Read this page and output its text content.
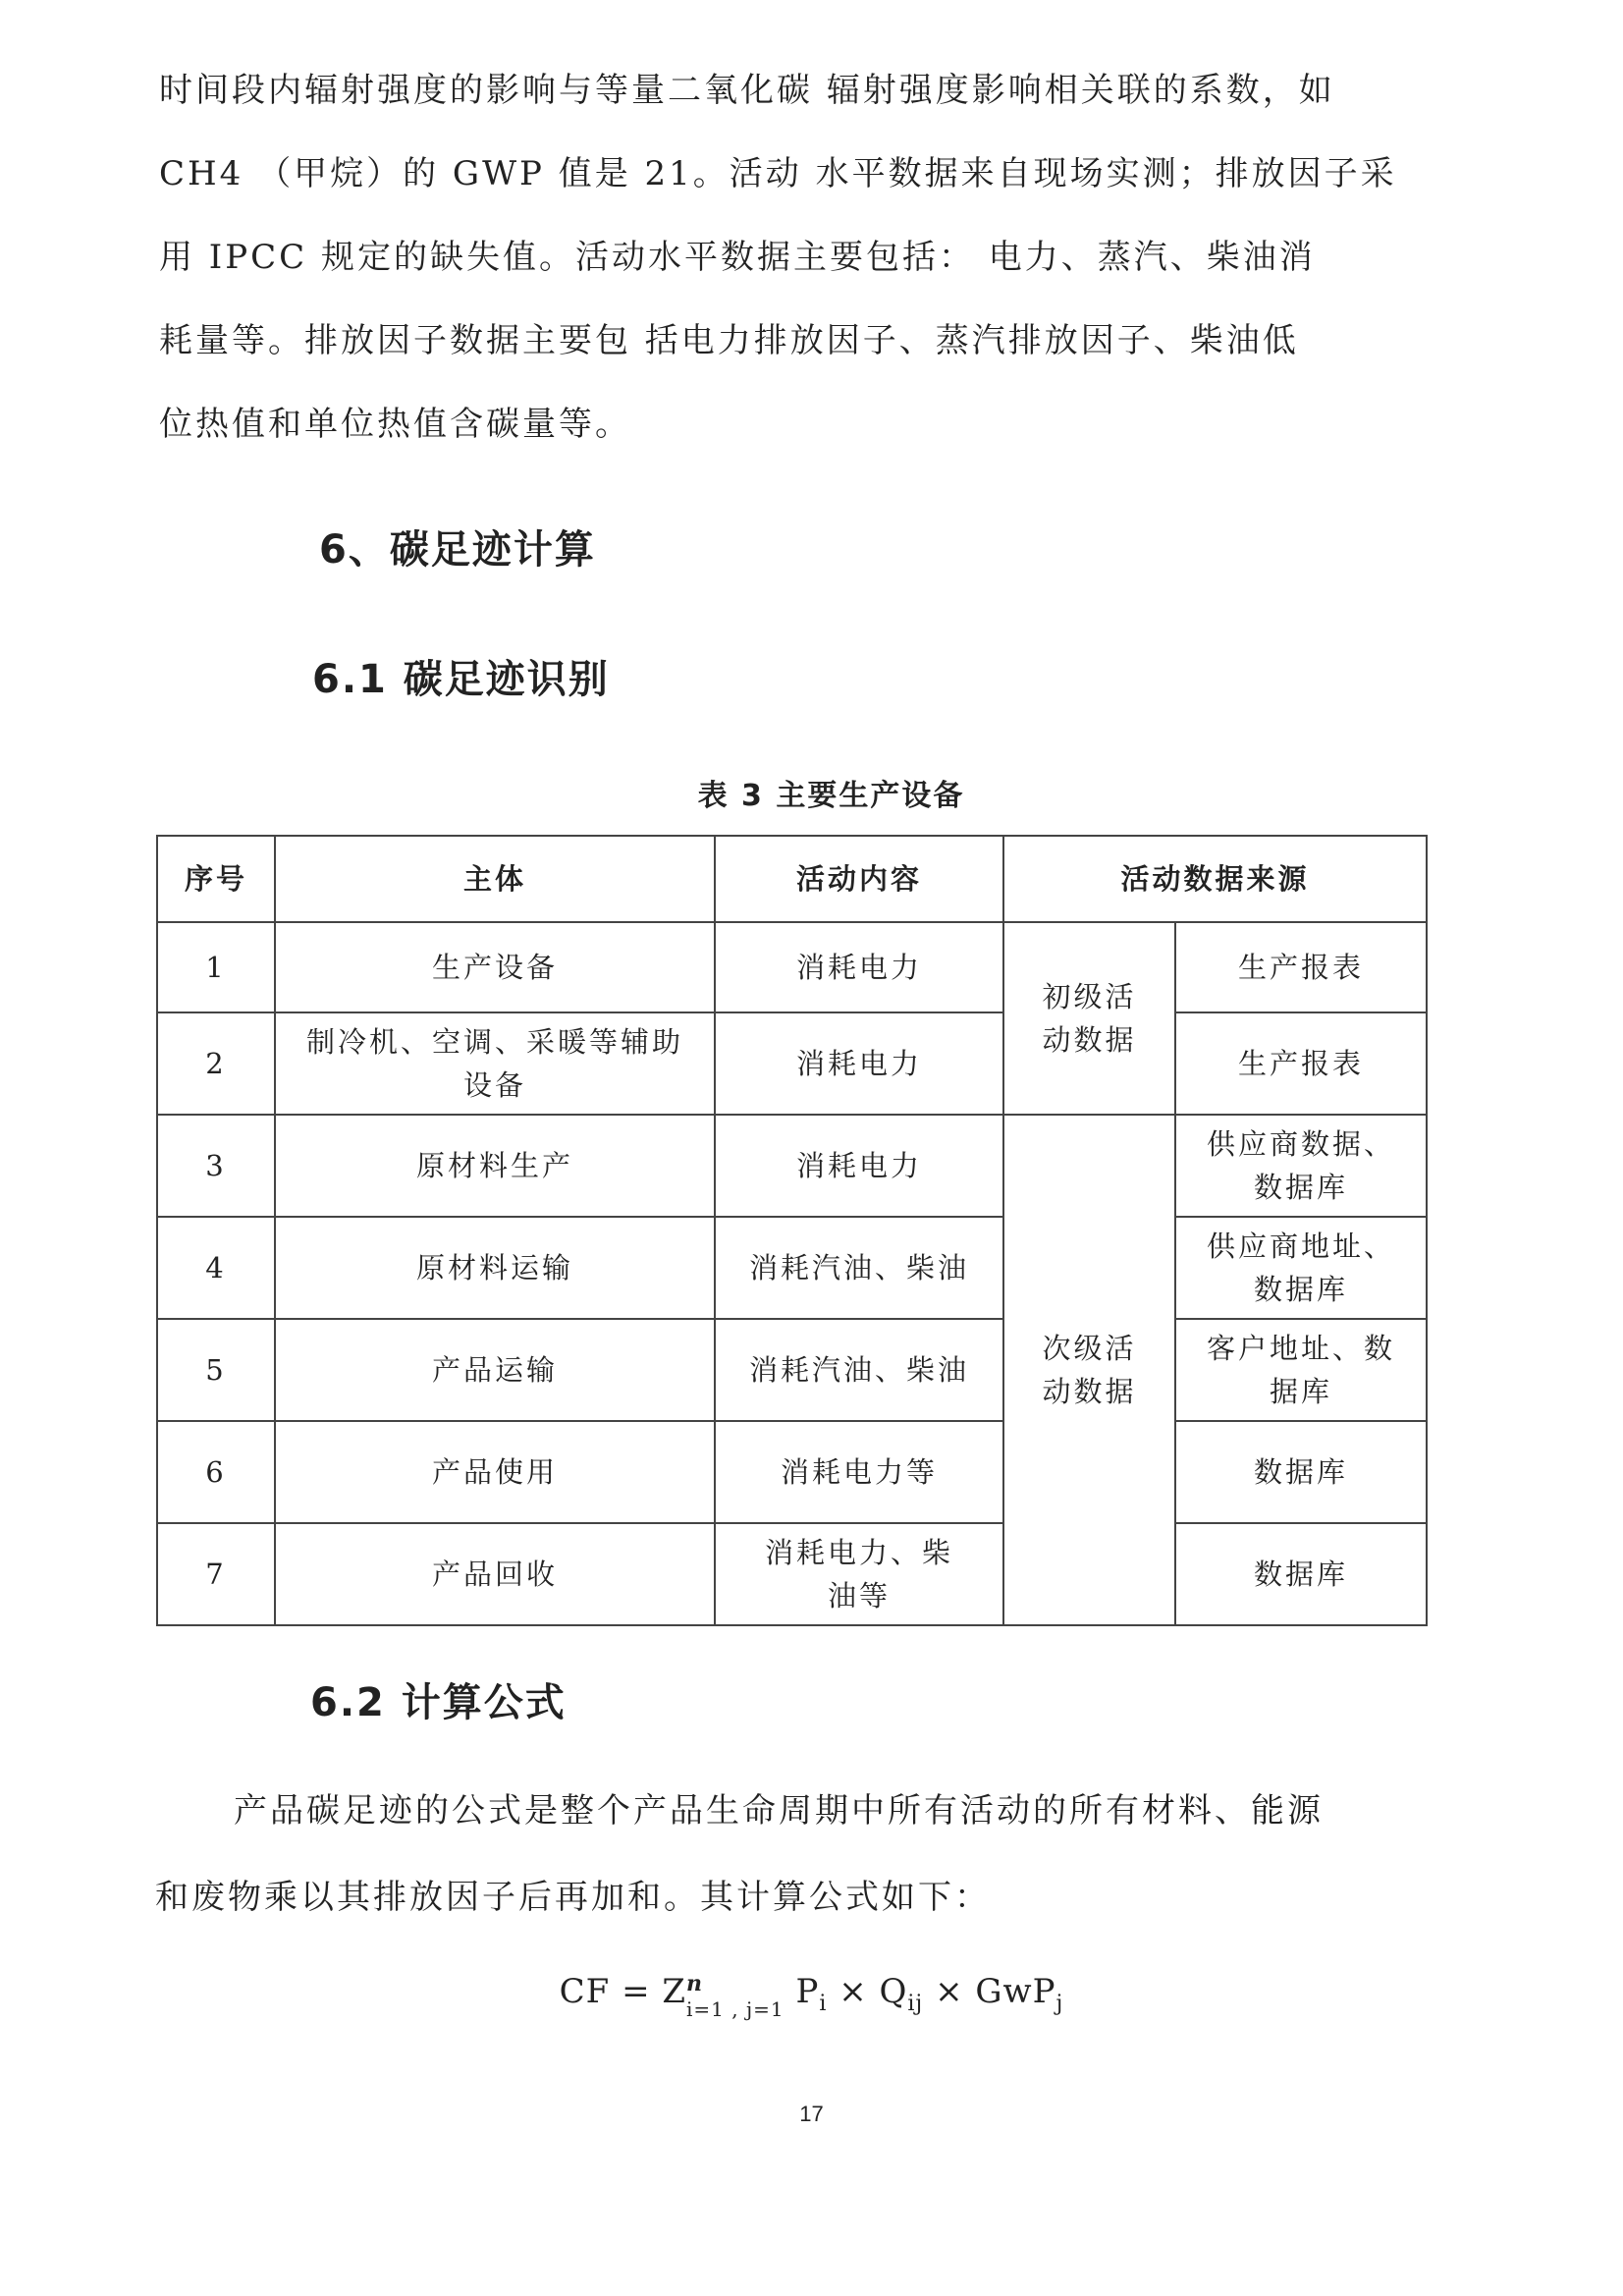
时间段内辐射强度的影响与等量二氧化碳 辐射强度影响相关联的系数，如

CH4 （甲烷）的 GWP 值是 21。活动 水平数据来自现场实测；排放因子采

用 IPCC 规定的缺失值。活动水平数据主要包括： 电力、蒸汽、柴油消

耗量等。排放因子数据主要包 括电力排放因子、蒸汽排放因子、柴油低

位热值和单位热值含碳量等。

6、碳足迹计算
6.1 碳足迹识别
表 3 主要生产设备
序号	主体	活动内容	活动数据来源	
1	生产设备	消耗电力	初级活动数据	生产报表
2	制冷机、空调、采暖等辅助设备	消耗电力		生产报表
3	原材料生产	消耗电力	次级活动数据	供应商数据、数据库
4	原材料运输	消耗汽油、柴油		供应商地址、数据库
5	产品运输	消耗汽油、柴油		客户地址、数据库
6	产品使用	消耗电力等		数据库
7	产品回收	消耗电力、柴油等		数据库
6.2 计算公式

产品碳足迹的公式是整个产品生命周期中所有活动的所有材料、能源

和废物乘以其排放因子后再加和。其计算公式如下：

CF = Zn
i=1 , j=1 $P_i \times Q_{ij} \times GwP_j$
17
